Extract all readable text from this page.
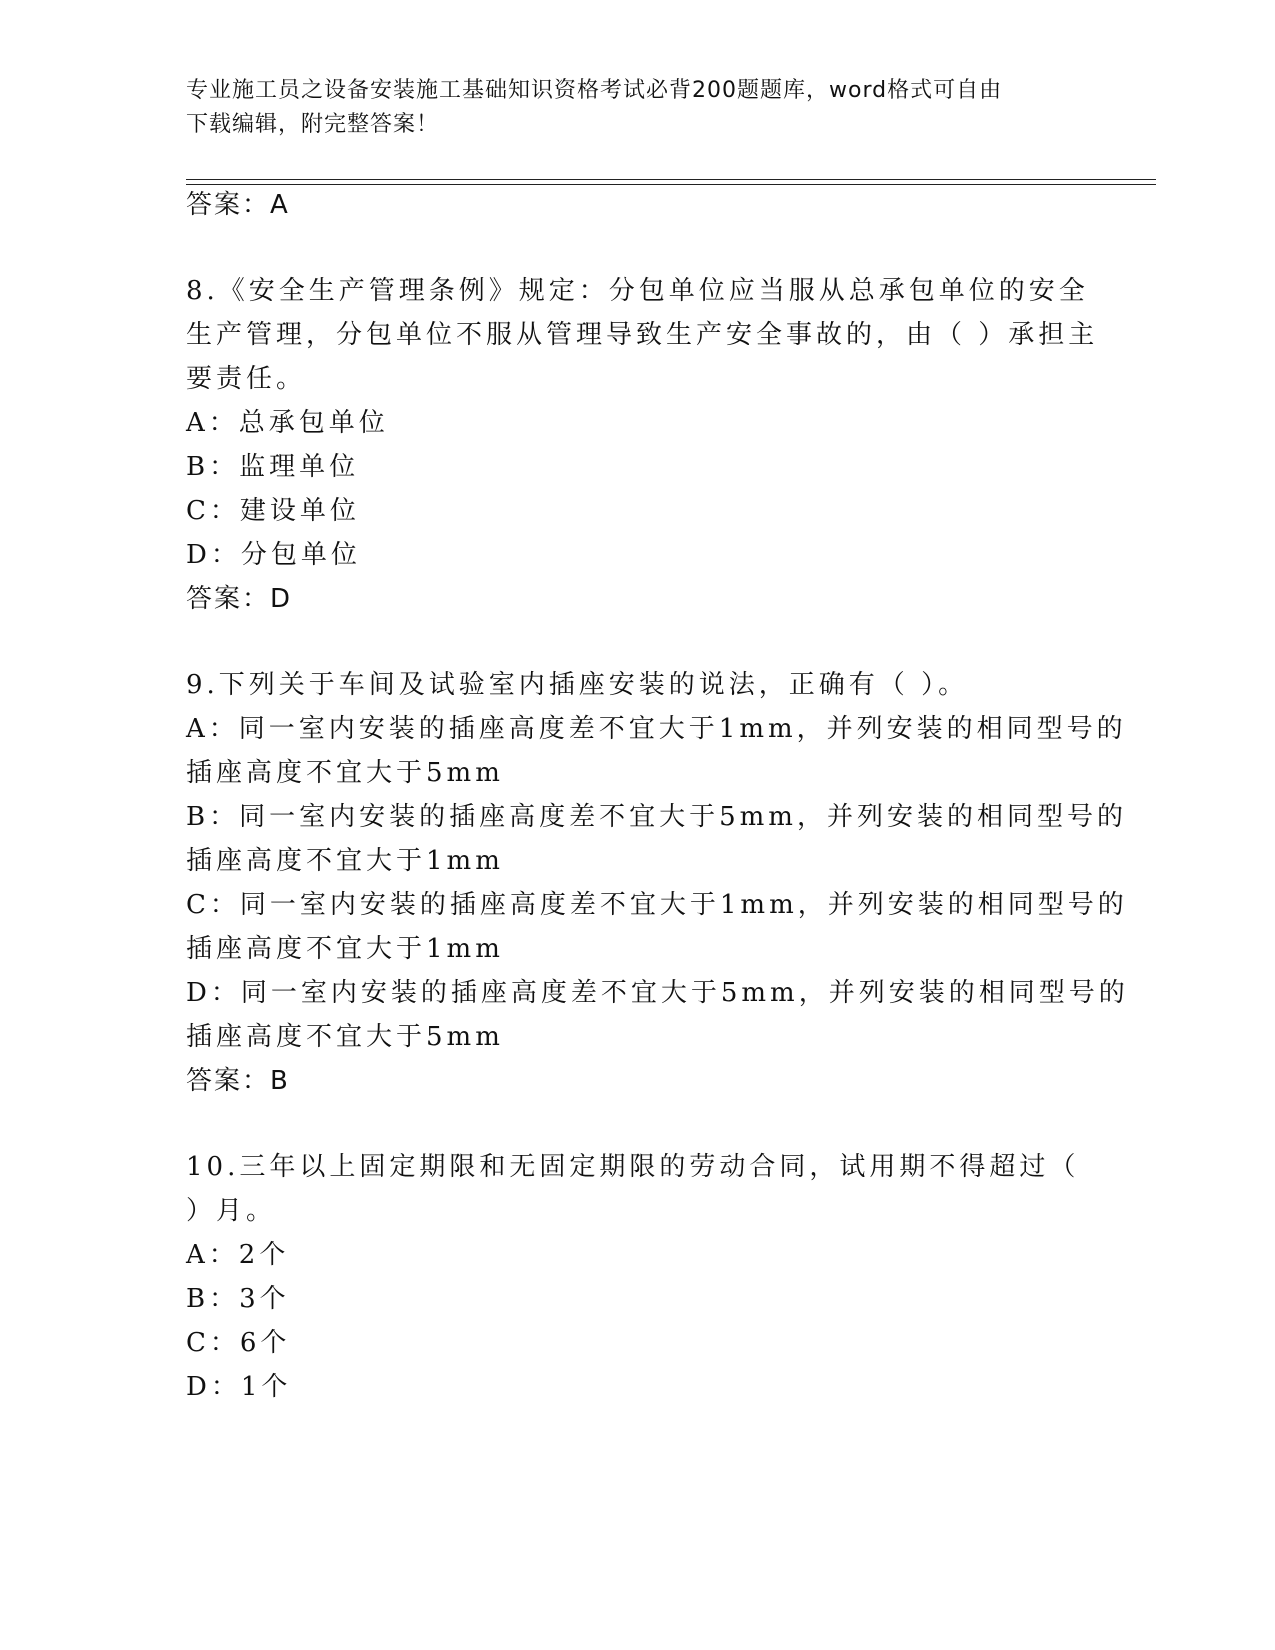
专业施工员之设备安装施工基础知识资格考试必背200题题库，word格式可自由
下载编辑，附完整答案！
答案：A
8.《安全生产管理条例》规定：分包单位应当服从总承包单位的安全
生产管理，分包单位不服从管理导致生产安全事故的，由（ ）承担主
要责任。
A：总承包单位
B：监理单位
C：建设单位
D：分包单位
答案：D
9.下列关于车间及试验室内插座安装的说法，正确有（ ）。
A：同一室内安装的插座高度差不宜大于1mm，并列安装的相同型号的
插座高度不宜大于5mm
B：同一室内安装的插座高度差不宜大于5mm，并列安装的相同型号的
插座高度不宜大于1mm
C：同一室内安装的插座高度差不宜大于1mm，并列安装的相同型号的
插座高度不宜大于1mm
D：同一室内安装的插座高度差不宜大于5mm，并列安装的相同型号的
插座高度不宜大于5mm
答案：B
10.三年以上固定期限和无固定期限的劳动合同，试用期不得超过（
）月。
A：2个
B：3个
C：6个
D：1个
